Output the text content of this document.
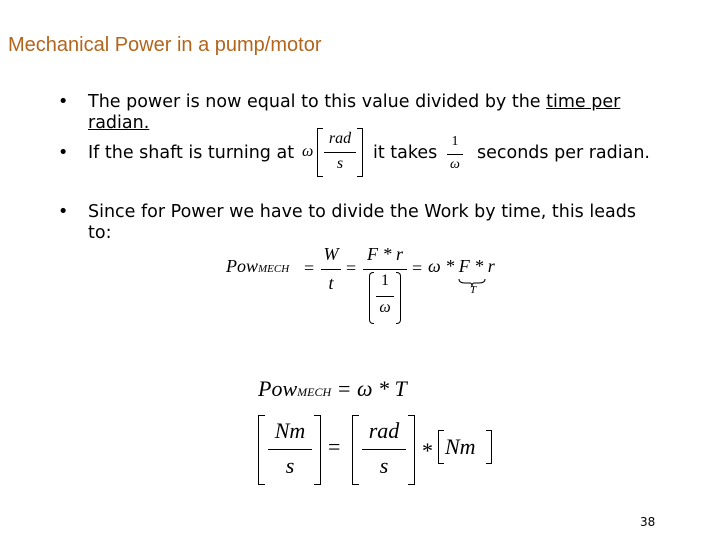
Mechanical Power in a pump/motor
• The power is now equal to this value divided by the time per
radian.
• If the shaft is turning at ω
rad
s
it takes
1
ω
seconds per radian.
• Since for Power we have to divide the Work by time, this leads
to:
PowMECH =
W
t
=
F * r
1
ω
= ω * F * r
T
PowMECH = ω * T
Nm
s
=
rad
s
* Nm
38
